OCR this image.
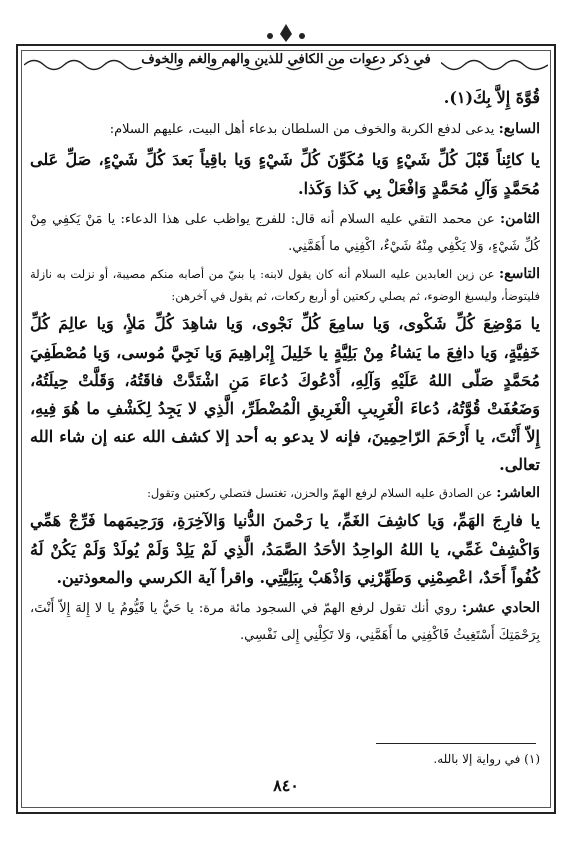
في ذكر دعوات من الكافي للذين والهم والغم والخوف

قُوَّةَ إِلاَّ بِكَ(١).

السابع: يدعى لدفع الكربة والخوف من السلطان بدعاء أهل البيت، عليهم السلام:

يا كائِناً قَبْلَ كُلِّ شَيْءٍ وَيا مُكَوِّنَ كُلِّ شَيْءٍ وَيا باقِياً بَعدَ كُلِّ شَيْءٍ، صَلِّ عَلى مُحَمَّدٍ وَآلِ مُحَمَّدٍ وَافْعَلْ بِي كَذا وَكَذا.

الثامن: عن محمد التقي عليه السلام أنه قال: للفرج يواظب على هذا الدعاء: يا مَنْ يَكفِي مِنْ كُلِّ شَيْءٍ، وَلا يَكْفِي مِنْهُ شَيْءٌ، اكْفِنِي ما أَهَمَّنِي.

التاسع: عن زين العابدين عليه السلام أنه كان يقول لابنه: يا بنيّ من أصابه منكم مصيبة، أو نزلت به نازلة فليتوضأ، وليسبغ الوضوء، ثم يصلي ركعتين أو أربع ركعات، ثم يقول في آخرهن:

يا مَوْضِعَ كُلِّ شَكْوى، وَيا سامِعَ كُلِّ نَجْوى، وَيا شاهِدَ كُلِّ مَلأٍ، وَيا عالِمَ كُلِّ خَفِيَّةٍ، وَيا دافِعَ ما يَشاءُ مِنْ بَلِيَّةٍ يا خَلِيلَ إِبْراهِيمَ وَيا نَجِيَّ مُوسى، وَيا مُصْطَفِيَ مُحَمَّدٍ صَلّى اللهُ عَلَيْهِ وَآلِهِ، أَدْعُوكَ دُعاءَ مَنِ اشْتَدَّتْ فاقَتُهُ، وَقَلَّتْ حِيلَتُهُ، وَضَعُفَتْ قُوَّتُهُ، دُعاءَ الْغَرِيبِ الْغَرِيقِ الْمُضْطَرِّ، الَّذِي لا يَجِدُ لِكَشْفِ ما هُوَ فِيهِ، إِلاّ أَنْتَ، يا أَرْحَمَ الرّاحِمِينَ، فإنه لا يدعو به أحد إلا كشف الله عنه إن شاء الله تعالى.

العاشر: عن الصادق عليه السلام لرفع الهمّ والحزن، تغتسل فتصلي ركعتين وتقول:

يا فارِجَ الهَمِّ، وَيا كاشِفَ الغَمِّ، يا رَحْمنَ الدُّنيا وَالآخِرَةِ، وَرَحِيمَهما فَرِّجْ هَمِّي وَاكْشِفْ غَمِّي، يا اللهُ الواحِدُ الأحَدُ الصَّمَدُ، الَّذِي لَمْ يَلِدْ وَلَمْ يُولَدْ وَلَمْ يَكُنْ لَهُ كُفُواً أَحَدٌ، اعْصِمْنِي وَطَهِّرْنِي وَاذْهَبْ بِبَلِيَّتِي. واقرأ آية الكرسي والمعوذتين.

الحادي عشر: روي أنك تقول لرفع الهمّ في السجود مائة مرة: يا حَيُّ يا قَيُّومُ يا لا إِلهَ إِلاّ أَنْتَ، بِرَحْمَتِكَ أَسْتَغِيثُ فَاكْفِنِي ما أَهَمَّنِي، وَلا تَكِلْنِي إِلى نَفْسِي.

(١) في رواية إلا بالله.
٨٤٠
